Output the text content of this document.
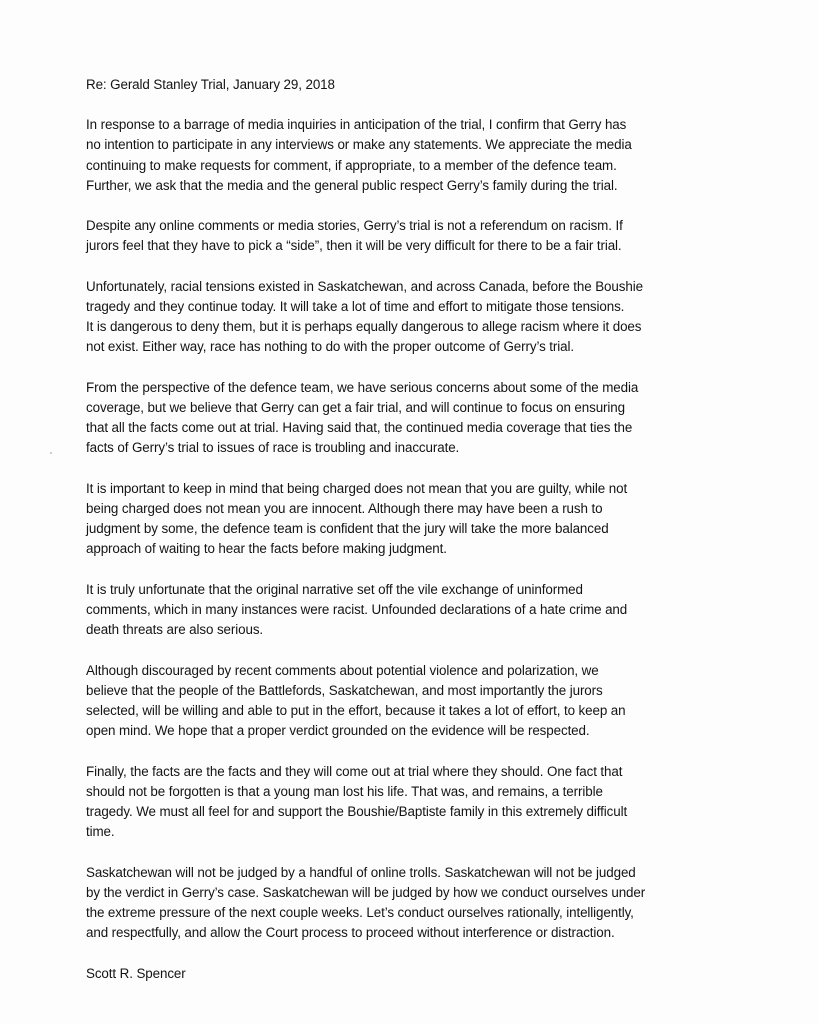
Re: Gerald Stanley Trial, January 29, 2018
In response to a barrage of media inquiries in anticipation of the trial, I confirm that Gerry has
no intention to participate in any interviews or make any statements. We appreciate the media
continuing to make requests for comment, if appropriate, to a member of the defence team.
Further, we ask that the media and the general public respect Gerry’s family during the trial.
Despite any online comments or media stories, Gerry’s trial is not a referendum on racism. If
jurors feel that they have to pick a “side”, then it will be very difficult for there to be a fair trial.
Unfortunately, racial tensions existed in Saskatchewan, and across Canada, before the Boushie
tragedy and they continue today. It will take a lot of time and effort to mitigate those tensions.
It is dangerous to deny them, but it is perhaps equally dangerous to allege racism where it does
not exist. Either way, race has nothing to do with the proper outcome of Gerry’s trial.
From the perspective of the defence team, we have serious concerns about some of the media
coverage, but we believe that Gerry can get a fair trial, and will continue to focus on ensuring
that all the facts come out at trial. Having said that, the continued media coverage that ties the
facts of Gerry’s trial to issues of race is troubling and inaccurate.
It is important to keep in mind that being charged does not mean that you are guilty, while not
being charged does not mean you are innocent. Although there may have been a rush to
judgment by some, the defence team is confident that the jury will take the more balanced
approach of waiting to hear the facts before making judgment.
It is truly unfortunate that the original narrative set off the vile exchange of uninformed
comments, which in many instances were racist. Unfounded declarations of a hate crime and
death threats are also serious.
Although discouraged by recent comments about potential violence and polarization, we
believe that the people of the Battlefords, Saskatchewan, and most importantly the jurors
selected, will be willing and able to put in the effort, because it takes a lot of effort, to keep an
open mind. We hope that a proper verdict grounded on the evidence will be respected.
Finally, the facts are the facts and they will come out at trial where they should. One fact that
should not be forgotten is that a young man lost his life. That was, and remains, a terrible
tragedy. We must all feel for and support the Boushie/Baptiste family in this extremely difficult
time.
Saskatchewan will not be judged by a handful of online trolls. Saskatchewan will not be judged
by the verdict in Gerry’s case. Saskatchewan will be judged by how we conduct ourselves under
the extreme pressure of the next couple weeks. Let’s conduct ourselves rationally, intelligently,
and respectfully, and allow the Court process to proceed without interference or distraction.
Scott R. Spencer
